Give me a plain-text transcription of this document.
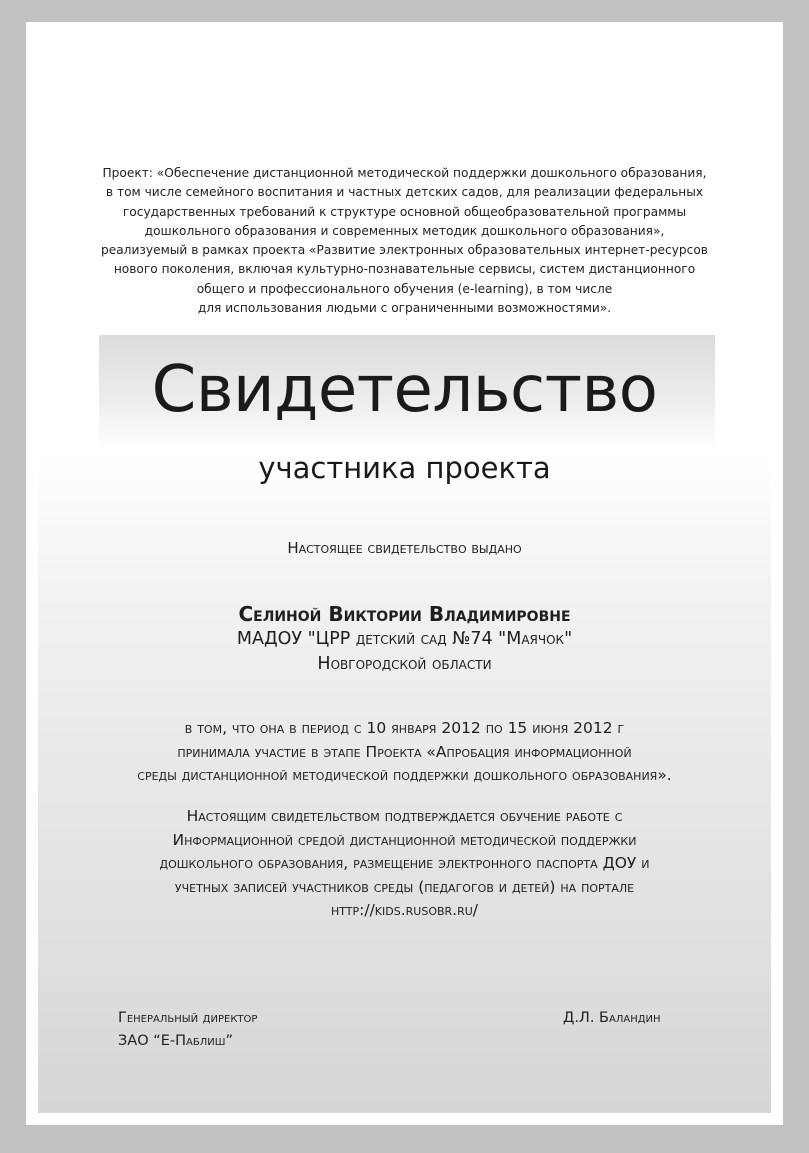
Проект: «Обеспечение дистанционной методической поддержки дошкольного образования,
в том числе семейного воспитания и частных детских садов, для реализации федеральных
государственных требований к структуре основной общеобразовательной программы
дошкольного образования и современных методик дошкольного образования»,
реализуемый в рамках проекта «Развитие электронных образовательных интернет-ресурсов
нового поколения, включая культурно-познавательные сервисы, систем дистанционного
общего и профессионального обучения (e-learning), в том числе
для использования людьми с ограниченными возможностями».
Свидетельство
участника проекта
Настоящее свидетельство выдано
Селиной Виктории Владимировне
МАДОУ "ЦРР детский сад №74 "Маячок"
Новгородской области
в том, что она в период с 10 января 2012 по 15 июня 2012 г
принимала участие в этапе Проекта «Апробация информационной
среды дистанционной методической поддержки дошкольного образования».
Настоящим свидетельством подтверждается обучение работе с
Информационной средой дистанционной методической поддержки
дошкольного образования, размещение электронного паспорта ДОУ и
учетных записей участников среды (педагогов и детей) на портале
http://kids.rusobr.ru/
Генеральный директор
ЗАО “Е-Паблиш”
Д.Л. Баландин
